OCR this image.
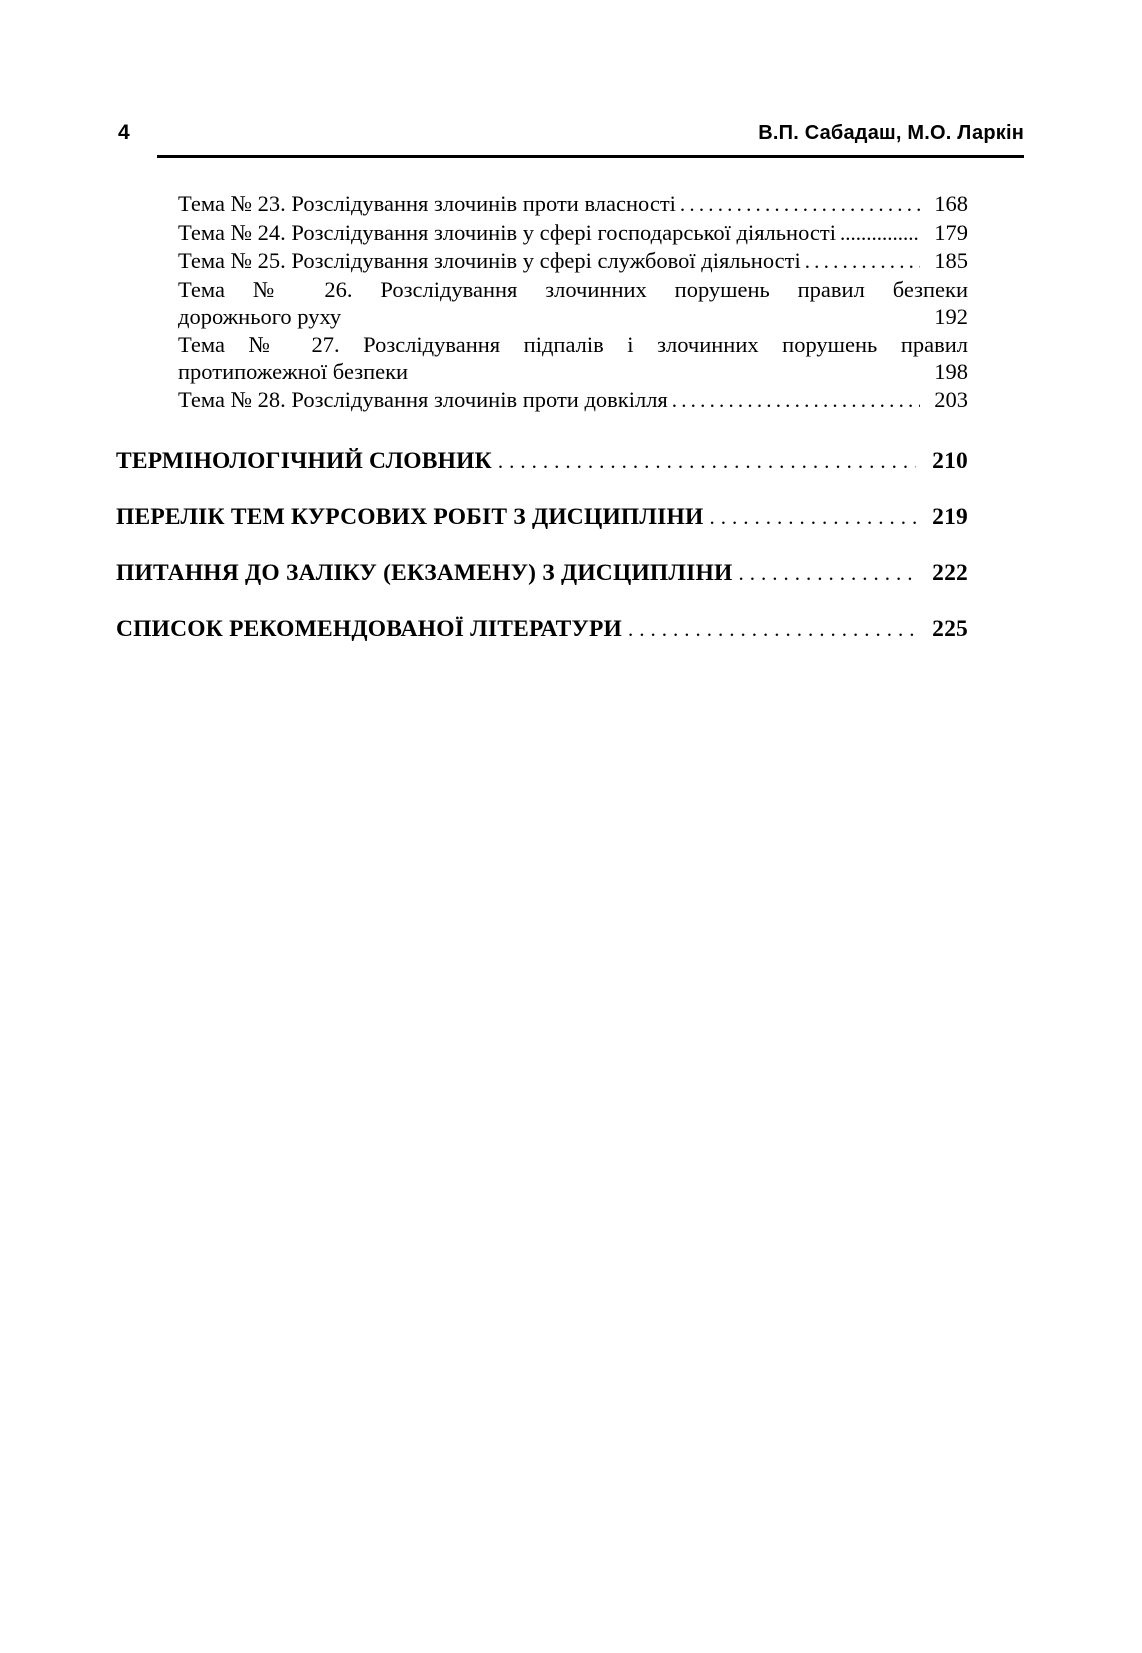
4	В.П. Сабадаш, М.О. Ларкін
Тема № 23. Розслідування злочинів проти власності .....	168
Тема № 24. Розслідування злочинів у сфері господарської діяльності .....	179
Тема № 25. Розслідування злочинів у сфері службової діяльності .....	185
Тема № 26. Розслідування злочинних порушень правил безпеки
дорожнього руху	192
Тема № 27. Розслідування підпалів і злочинних порушень правил
протипожежної безпеки	198
Тема № 28. Розслідування злочинів проти довкілля .....	203
ТЕРМІНОЛОГІЧНИЙ СЛОВНИК .....	210
ПЕРЕЛІК ТЕМ КУРСОВИХ РОБІТ З ДИСЦИПЛІНИ .....	219
ПИТАННЯ ДО ЗАЛІКУ (ЕКЗАМЕНУ) З ДИСЦИПЛІНИ .....	222
СПИСОК РЕКОМЕНДОВАНОЇ ЛІТЕРАТУРИ .....	225
